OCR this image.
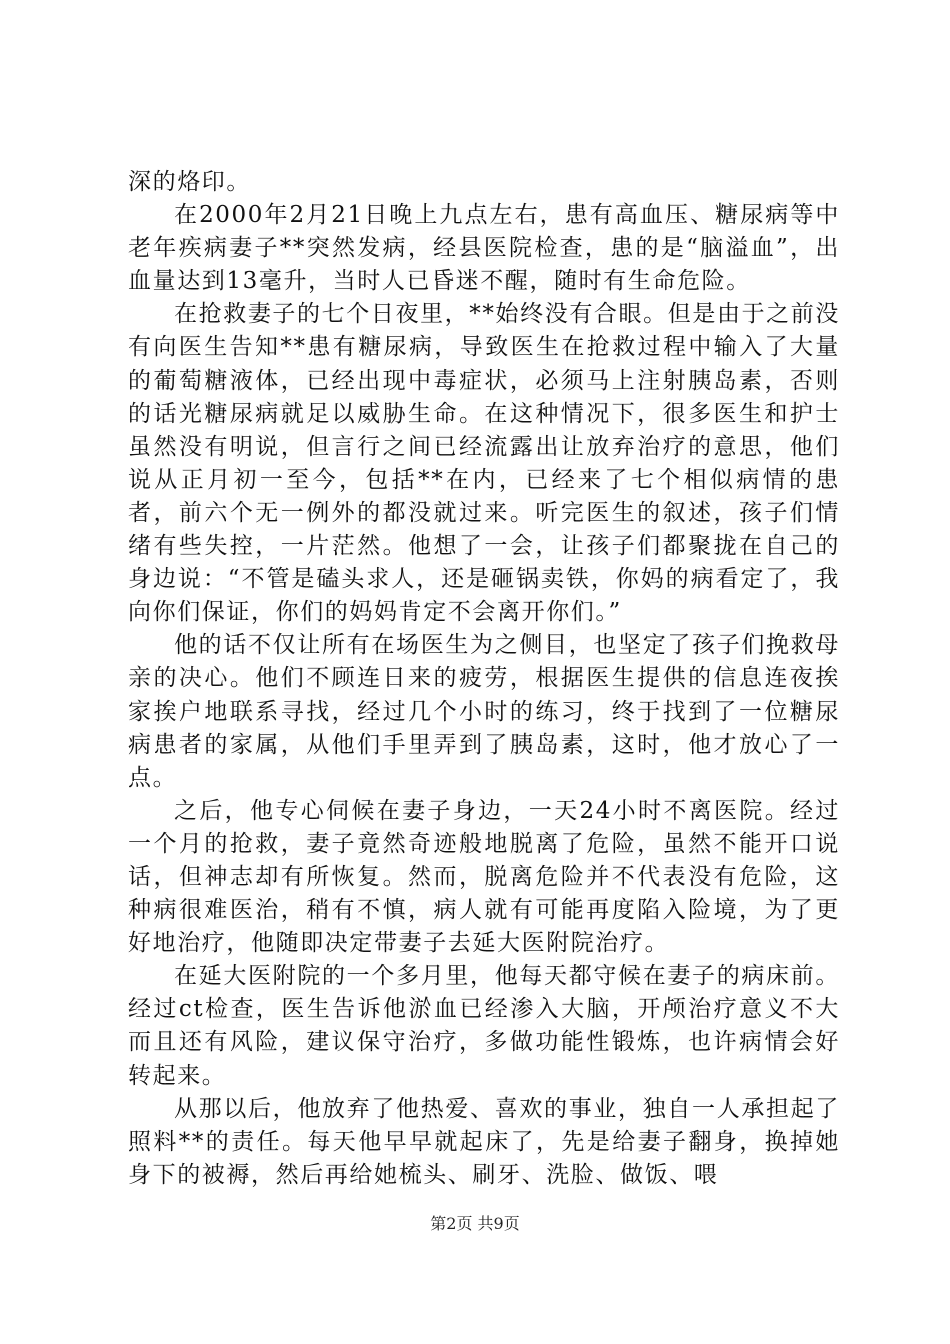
深的烙印。

在2000年2月21日晚上九点左右，患有高血压、糖尿病等中老年疾病妻子**突然发病，经县医院检查，患的是“脑溢血”，出血量达到13毫升，当时人已昏迷不醒，随时有生命危险。

在抢救妻子的七个日夜里，**始终没有合眼。但是由于之前没有向医生告知**患有糖尿病，导致医生在抢救过程中输入了大量的葡萄糖液体，已经出现中毒症状，必须马上注射胰岛素，否则的话光糖尿病就足以威胁生命。在这种情况下，很多医生和护士虽然没有明说，但言行之间已经流露出让放弃治疗的意思，他们说从正月初一至今，包括**在内，已经来了七个相似病情的患者，前六个无一例外的都没就过来。听完医生的叙述，孩子们情绪有些失控，一片茫然。他想了一会，让孩子们都聚拢在自己的身边说：“不管是磕头求人，还是砸锅卖铁，你妈的病看定了，我向你们保证，你们的妈妈肯定不会离开你们。”

他的话不仅让所有在场医生为之侧目，也坚定了孩子们挽救母亲的决心。他们不顾连日来的疲劳，根据医生提供的信息连夜挨家挨户地联系寻找，经过几个小时的练习，终于找到了一位糖尿病患者的家属，从他们手里弄到了胰岛素，这时，他才放心了一点。

之后，他专心伺候在妻子身边，一天24小时不离医院。经过一个月的抢救，妻子竟然奇迹般地脱离了危险，虽然不能开口说话，但神志却有所恢复。然而，脱离危险并不代表没有危险，这种病很难医治，稍有不慎，病人就有可能再度陷入险境，为了更好地治疗，他随即决定带妻子去延大医附院治疗。

在延大医附院的一个多月里，他每天都守候在妻子的病床前。经过ct检查，医生告诉他淤血已经渗入大脑，开颅治疗意义不大而且还有风险，建议保守治疗，多做功能性锻炼，也许病情会好转起来。

从那以后，他放弃了他热爱、喜欢的事业，独自一人承担起了照料**的责任。每天他早早就起床了，先是给妻子翻身，换掉她身下的被褥，然后再给她梳头、刷牙、洗脸、做饭、喂

第2页 共9页
